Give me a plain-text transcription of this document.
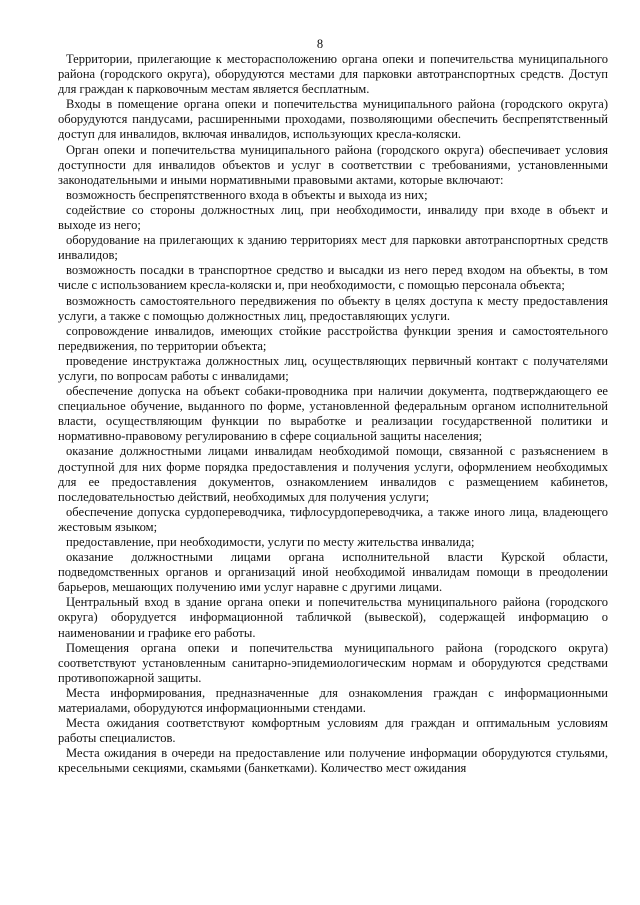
8

Территории, прилегающие к месторасположению органа опеки и попечительства муниципального района (городского округа), оборудуются местами для парковки автотранспортных средств. Доступ для граждан к парковочным местам является бесплатным.

Входы в помещение органа опеки и попечительства муниципального района (городского округа) оборудуются пандусами, расширенными проходами, позволяющими обеспечить беспрепятственный доступ для инвалидов, включая инвалидов, использующих кресла-коляски.

Орган опеки и попечительства муниципального района (городского округа) обеспечивает условия доступности для инвалидов объектов и услуг в соответствии с требованиями, установленными законодательными и иными нормативными правовыми актами, которые включают:

возможность беспрепятственного входа в объекты и выхода из них;

содействие со стороны должностных лиц, при необходимости, инвалиду при входе в объект и выходе из него;

оборудование на прилегающих к зданию территориях мест для парковки автотранспортных средств инвалидов;

возможность посадки в транспортное средство и высадки из него перед входом на объекты, в том числе с использованием кресла-коляски и, при необходимости, с помощью персонала объекта;

возможность самостоятельного передвижения по объекту в целях доступа к месту предоставления услуги, а также с помощью должностных лиц, предоставляющих услуги.

сопровождение инвалидов, имеющих стойкие расстройства функции зрения и самостоятельного передвижения, по территории объекта;

проведение инструктажа должностных лиц, осуществляющих первичный контакт с получателями услуги, по вопросам работы с инвалидами;

обеспечение допуска на объект собаки-проводника при наличии документа, подтверждающего ее специальное обучение, выданного по форме, установленной федеральным органом исполнительной власти, осуществляющим функции по выработке и реализации государственной политики и нормативно-правовому регулированию в сфере социальной защиты населения;

оказание должностными лицами инвалидам необходимой помощи, связанной с разъяснением в доступной для них форме порядка предоставления и получения услуги, оформлением необходимых для ее предоставления документов, ознакомлением инвалидов с размещением кабинетов, последовательностью действий, необходимых для получения услуги;

обеспечение допуска сурдопереводчика, тифлосурдопереводчика, а также иного лица, владеющего жестовым языком;

предоставление, при необходимости, услуги по месту жительства инвалида;

оказание должностными лицами органа исполнительной власти Курской области, подведомственных органов и организаций иной необходимой инвалидам помощи в преодолении барьеров, мешающих получению ими услуг наравне с другими лицами.

Центральный вход в здание органа опеки и попечительства муниципального района (городского округа) оборудуется информационной табличкой (вывеской), содержащей информацию о наименовании и графике его работы.

Помещения органа опеки и попечительства муниципального района (городского округа) соответствуют установленным санитарно-эпидемиологическим нормам и оборудуются средствами противопожарной защиты.

Места информирования, предназначенные для ознакомления граждан с информационными материалами, оборудуются информационными стендами.

Места ожидания соответствуют комфортным условиям для граждан и оптимальным условиям работы специалистов.

Места ожидания в очереди на предоставление или получение информации оборудуются стульями, кресельными секциями, скамьями (банкетками). Количество мест ожидания
